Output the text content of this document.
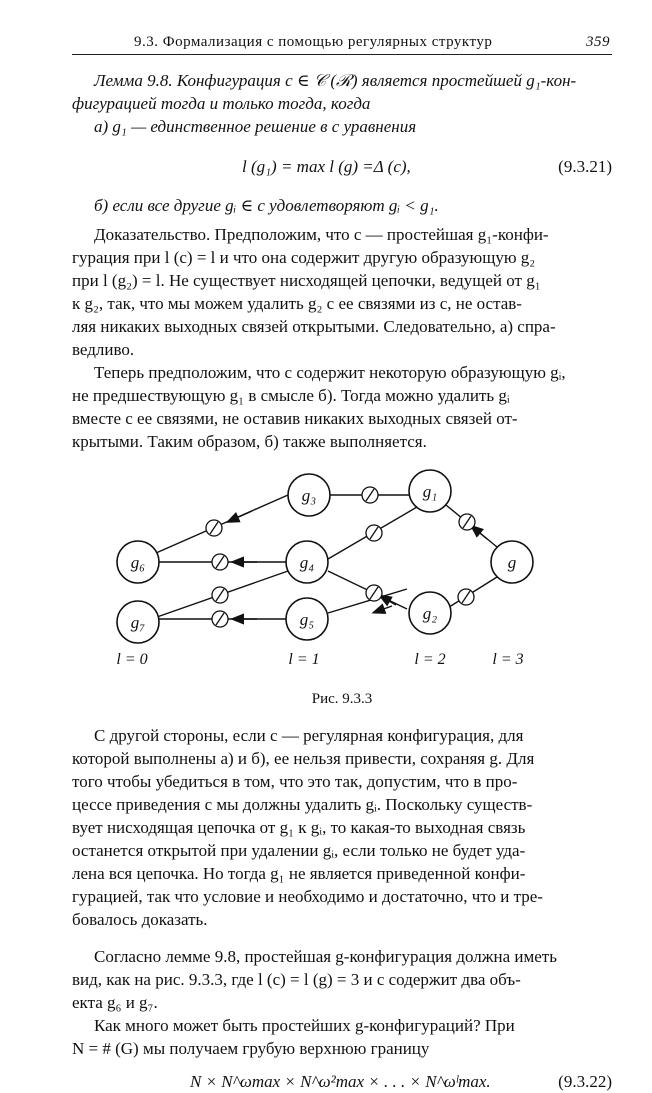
9.3. Формализация с помощью регулярных структур	359

Лемма 9.8. Конфигурация c ∈ 𝒞 (ℛ) является простейшей g₁-кон-

фигурацией тогда и только тогда, когда

а) g₁ — единственное решение в c уравнения

l (g₁) = max l (g) =Δ (c),	(9.3.21)

б) если все другие gᵢ ∈ c удовлетворяют gᵢ < g₁.

Доказательство. Предположим, что c — простейшая g₁-конфи-

гурация при l (c) = l и что она содержит другую образующую g₂

при l (g₂) = l. Не существует нисходящей цепочки, ведущей от g₁

к g₂, так, что мы можем удалить g₂ с ее связями из c, не остав-

ляя никаких выходных связей открытыми. Следовательно, а) спра-

ведливо.

Теперь предположим, что c содержит некоторую образующую gᵢ,

не предшествующую g₁ в смысле б). Тогда можно удалить gᵢ

вместе с ее связями, не оставив никаких выходных связей от-

крытыми. Таким образом, б) также выполняется.

g₃	g₁
g₆	g₄	g
g₇	g₅	g₂
l = 0	l = 1	l = 2	l = 3
Рис. 9.3.3

С другой стороны, если c — регулярная конфигурация, для

которой выполнены а) и б), ее нельзя привести, сохраняя g. Для

того чтобы убедиться в том, что это так, допустим, что в про-

цессе приведения c мы должны удалить gᵢ. Поскольку существ-

вует нисходящая цепочка от g₁ к gᵢ, то какая-то выходная связь

останется открытой при удалении gᵢ, если только не будет уда-

лена вся цепочка. Но тогда g₁ не является приведенной конфи-

гурацией, так что условие и необходимо и достаточно, что и тре-

бовалось доказать.

Согласно лемме 9.8, простейшая g-конфигурация должна иметь

вид, как на рис. 9.3.3, где l (c) = l (g) = 3 и c содержит два объ-

екта g₆ и g₇.

Как много может быть простейших g-конфигураций? При

N = # (G) мы получаем грубую верхнюю границу

N × N^ωmax × N^ω²max × . . . × N^ωˡmax.	(9.3.22)
